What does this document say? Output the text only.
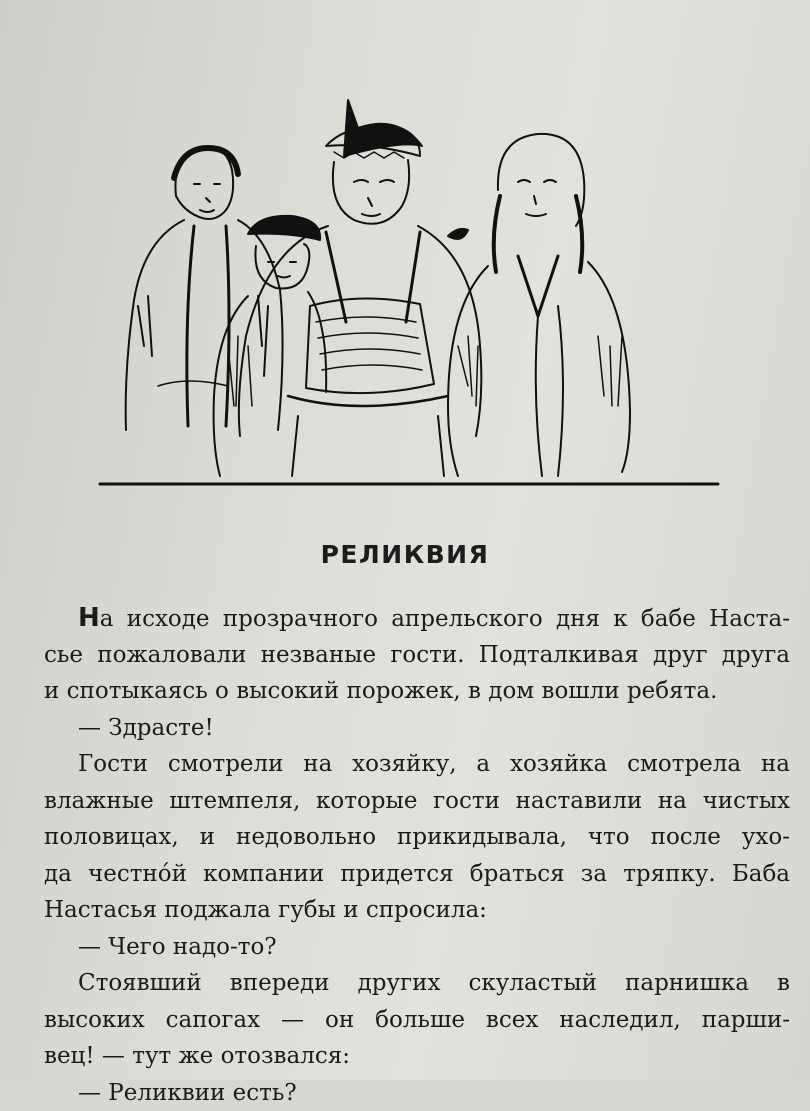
РЕЛИКВИЯ
На исходе прозрачного апрельского дня к бабе Наста-
сье пожаловали незваные гости. Подталкивая друг друга
и спотыкаясь о высокий порожек, в дом вошли ребята.
— Здрасте!
Гости смотрели на хозяйку, а хозяйка смотрела на
влажные штемпеля, которые гости наставили на чистых
половицах, и недовольно прикидывала, что после ухо-
да честно́й компании придется браться за тряпку. Баба
Настасья поджала губы и спросила:
— Чего надо-то?
Стоявший впереди других скуластый парнишка в
высоких сапогах — он больше всех наследил, парши-
вец! — тут же отозвался:
— Реликвии есть?
